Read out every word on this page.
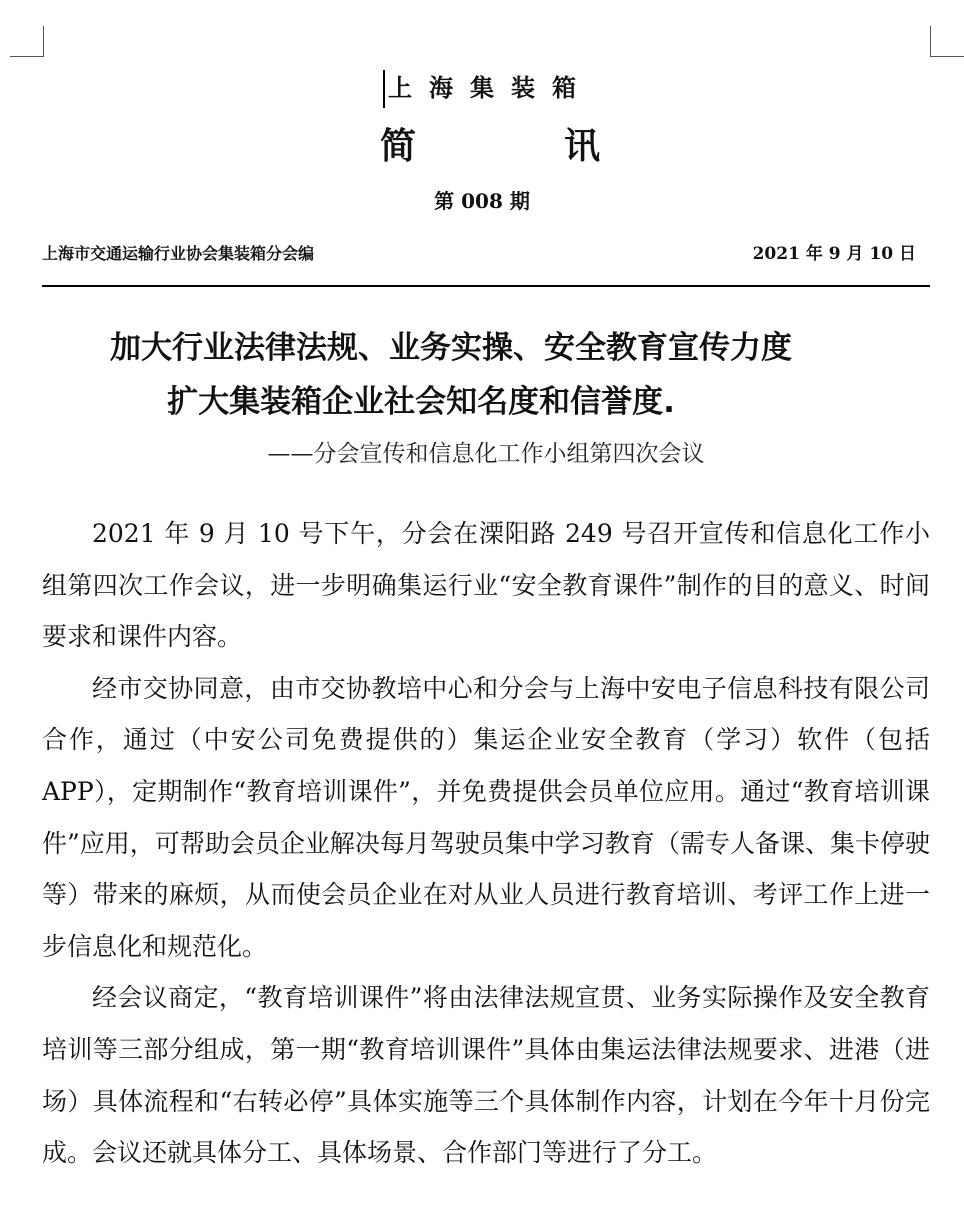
上海集装箱
简	讯
第 008 期
上海市交通运输行业协会集装箱分会编	2021 年 9 月 10 日
加大行业法律法规、业务实操、安全教育宣传力度
扩大集装箱企业社会知名度和信誉度.
——分会宣传和信息化工作小组第四次会议

2021 年 9 月 10 号下午，分会在溧阳路 249 号召开宣传和信息化工作小组第四次工作会议，进一步明确集运行业“安全教育课件”制作的目的意义、时间要求和课件内容。

经市交协同意，由市交协教培中心和分会与上海中安电子信息科技有限公司合作，通过（中安公司免费提供的）集运企业安全教育（学习）软件（包括 APP），定期制作“教育培训课件”，并免费提供会员单位应用。通过“教育培训课件”应用，可帮助会员企业解决每月驾驶员集中学习教育（需专人备课、集卡停驶等）带来的麻烦，从而使会员企业在对从业人员进行教育培训、考评工作上进一步信息化和规范化。

经会议商定，“教育培训课件”将由法律法规宣贯、业务实际操作及安全教育培训等三部分组成，第一期“教育培训课件”具体由集运法律法规要求、进港（进场）具体流程和“右转必停”具体实施等三个具体制作内容，计划在今年十月份完成。会议还就具体分工、具体场景、合作部门等进行了分工。
